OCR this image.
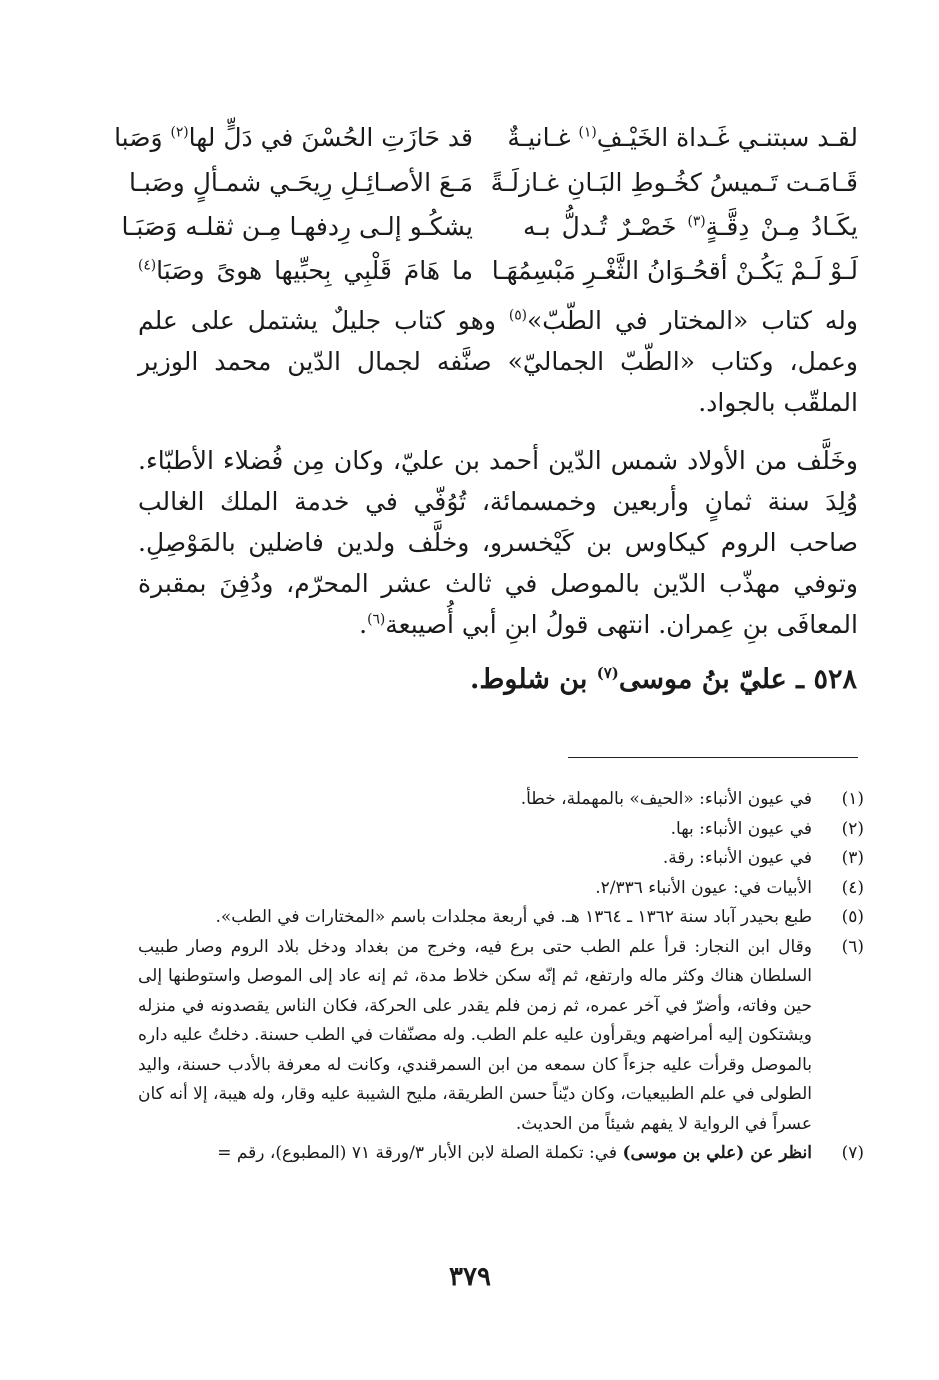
لقـد سبتنـي غَـداة الخَيْـفِ$^{(١)}$ غـانيـةٌ
قد حَازَتِ الحُسْنَ في دَلٍّ لها$^{(٢)}$ وَصَبا
قَـامَـت تَـميسُ كخُـوطِ البَـانِ غـازلَـةً
مَـعَ الأصـائِـلِ رِيحَـي شمـألٍ وصَبـا
يكَـادُ مِـنْ دِقَّـةٍ$^{(٣)}$ خَصْـرٌ تُـدلُّ بـه
يشكُـو إلـى رِدفهـا مِـن ثقلـه وَصَبَـا
لَـوْ لَـمْ يَكُـنْ أقحُـوَانُ الثَّغْـرِ مَبْسِمُهَـا
ما هَامَ قَلْبِي بِحبِّيها هوىً وصَبَا$^{(٤)}$

وله كتاب «المختار في الطّبّ»$^{(٥)}$ وهو كتاب جليلٌ يشتمل على علم وعمل، وكتاب «الطّبّ الجماليّ» صنَّفه لجمال الدّين محمد الوزير الملقّب بالجواد.

وخَلَّف من الأولاد شمس الدّين أحمد بن عليّ، وكان مِن فُضلاء الأطبّاء. وُلِدَ سنة ثمانٍ وأربعين وخمسمائة، تُوُفّي في خدمة الملك الغالب صاحب الروم كيكاوس بن كَيْخسرو، وخلَّف ولدين فاضلين بالمَوْصِلِ. وتوفي مهذّب الدّين بالموصل في ثالث عشر المحرّم، ودُفِنَ بمقبرة المعافَى بنِ عِمران. انتهى قولُ ابنِ أبي أُصيبعة$^{(٦)}$.

٥٢٨ ـ عليّ بنُ موسى$^{(٧)}$ بن شلوط.

(١)
في عيون الأنباء: «الحيف» بالمهملة، خطأ.
(٢)
في عيون الأنباء: بها.
(٣)
في عيون الأنباء: رقة.
(٤)
الأبيات في: عيون الأنباء ٢/٣٣٦.
(٥)
طبع بحيدر آباد سنة ١٣٦٢ ـ ١٣٦٤ هـ. في أربعة مجلدات باسم «المختارات في الطب».
(٦)
وقال ابن النجار: قرأ علم الطب حتى برع فيه، وخرج من بغداد ودخل بلاد الروم وصار طبيب السلطان هناك وكثر ماله وارتفع، ثم إنّه سكن خلاط مدة، ثم إنه عاد إلى الموصل واستوطنها إلى حين وفاته، وأضرّ في آخر عمره، ثم زمن فلم يقدر على الحركة، فكان الناس يقصدونه في منزله ويشتكون إليه أمراضهم ويقرأون عليه علم الطب. وله مصنّفات في الطب حسنة. دخلتُ عليه داره بالموصل وقرأت عليه جزءاً كان سمعه من ابن السمرقندي، وكانت له معرفة بالأدب حسنة، واليد الطولى في علم الطبيعيات، وكان ديّناً حسن الطريقة، مليح الشيبة عليه وقار، وله هيبة، إلا أنه كان عسراً في الرواية لا يفهم شيئاً من الحديث.
(٧)
انظر عن (علي بن موسى) في: تكملة الصلة لابن الأبار ٣/ورقة ٧١ (المطبوع)، رقم =
٣٧٩
